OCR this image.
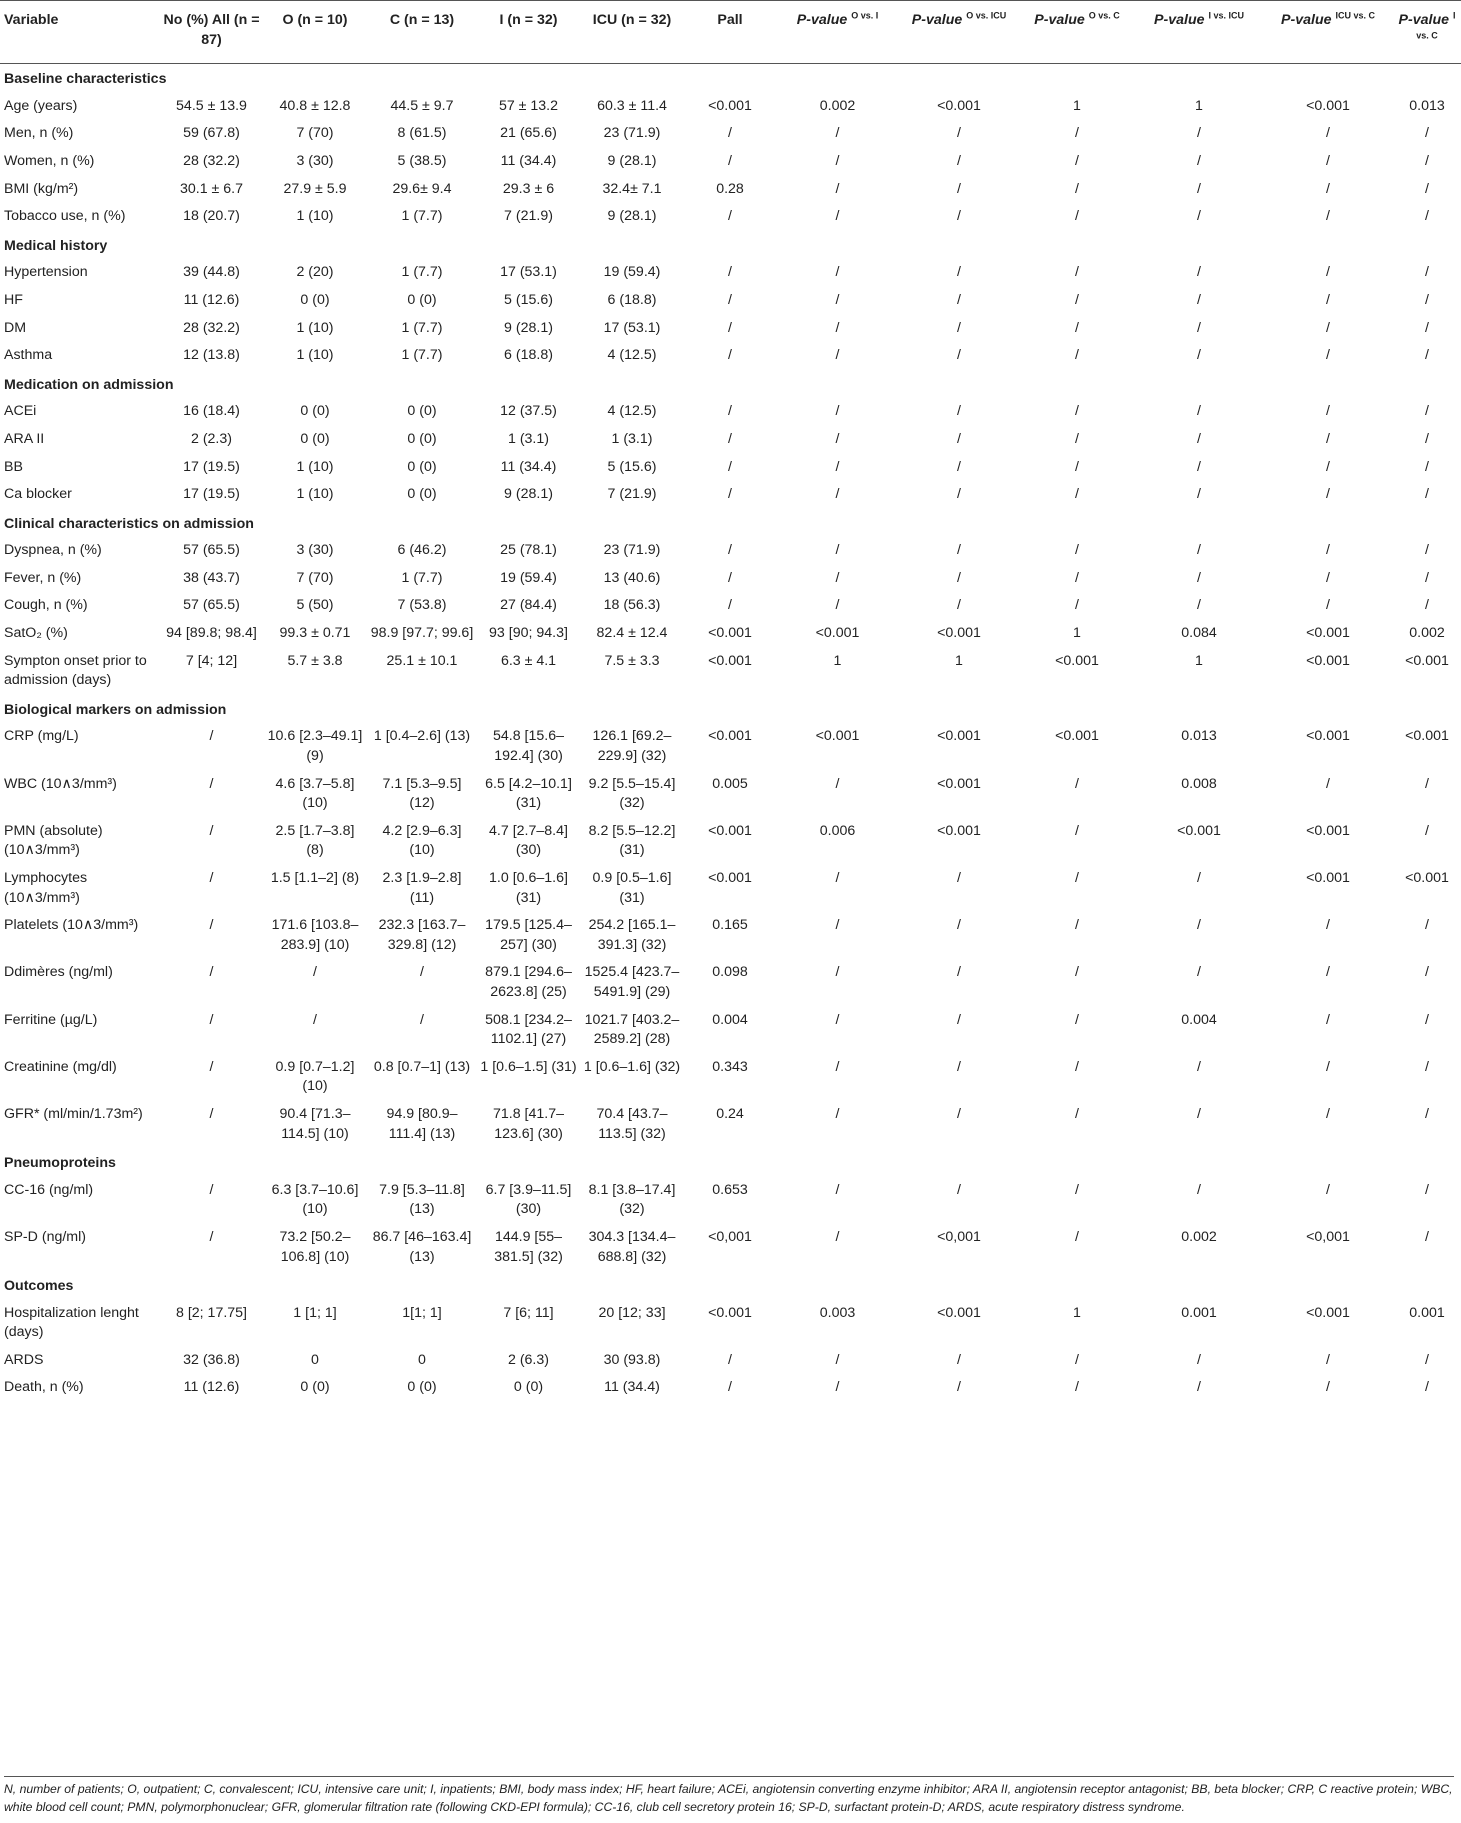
Variable	No (%) All (n = 87)	O (n = 10)	C (n = 13)	I (n = 32)	ICU (n = 32)	Pall	P-value $^{O vs. I}$	P-value $^{O vs. ICU}$	P-value $^{O vs. C}$	P-value $^{I vs. ICU}$	P-value $^{ICU vs. C}$	P-value $^{I vs. C}$
Baseline characteristics												
Age (years)	54.5 ± 13.9	40.8 ± 12.8	44.5 ± 9.7	57 ± 13.2	60.3 ± 11.4	<0.001	0.002	<0.001	1	1	<0.001	0.013
Men, n (%)	59 (67.8)	7 (70)	8 (61.5)	21 (65.6)	23 (71.9)	/	/	/	/	/	/	/
Women, n (%)	28 (32.2)	3 (30)	5 (38.5)	11 (34.4)	9 (28.1)	/	/	/	/	/	/	/
BMI (kg/m²)	30.1 ± 6.7	27.9 ± 5.9	29.6± 9.4	29.3 ± 6	32.4± 7.1	0.28	/	/	/	/	/	/
Tobacco use, n (%)	18 (20.7)	1 (10)	1 (7.7)	7 (21.9)	9 (28.1)	/	/	/	/	/	/	/
Medical history												
Hypertension	39 (44.8)	2 (20)	1 (7.7)	17 (53.1)	19 (59.4)	/	/	/	/	/	/	/
HF	11 (12.6)	0 (0)	0 (0)	5 (15.6)	6 (18.8)	/	/	/	/	/	/	/
DM	28 (32.2)	1 (10)	1 (7.7)	9 (28.1)	17 (53.1)	/	/	/	/	/	/	/
Asthma	12 (13.8)	1 (10)	1 (7.7)	6 (18.8)	4 (12.5)	/	/	/	/	/	/	/
Medication on admission												
ACEi	16 (18.4)	0 (0)	0 (0)	12 (37.5)	4 (12.5)	/	/	/	/	/	/	/
ARA II	2 (2.3)	0 (0)	0 (0)	1 (3.1)	1 (3.1)	/	/	/	/	/	/	/
BB	17 (19.5)	1 (10)	0 (0)	11 (34.4)	5 (15.6)	/	/	/	/	/	/	/
Ca blocker	17 (19.5)	1 (10)	0 (0)	9 (28.1)	7 (21.9)	/	/	/	/	/	/	/
Clinical characteristics on admission												
Dyspnea, n (%)	57 (65.5)	3 (30)	6 (46.2)	25 (78.1)	23 (71.9)	/	/	/	/	/	/	/
Fever, n (%)	38 (43.7)	7 (70)	1 (7.7)	19 (59.4)	13 (40.6)	/	/	/	/	/	/	/
Cough, n (%)	57 (65.5)	5 (50)	7 (53.8)	27 (84.4)	18 (56.3)	/	/	/	/	/	/	/
SatO₂ (%)	94 [89.8; 98.4]	99.3 ± 0.71	98.9 [97.7; 99.6]	93 [90; 94.3]	82.4 ± 12.4	<0.001	<0.001	<0.001	1	0.084	<0.001	0.002
Sympton onset prior to admission (days)	7 [4; 12]	5.7 ± 3.8	25.1 ± 10.1	6.3 ± 4.1	7.5 ± 3.3	<0.001	1	1	<0.001	1	<0.001	<0.001
Biological markers on admission												
CRP (mg/L)	/	10.6 [2.3–49.1] (9)	1 [0.4–2.6] (13)	54.8 [15.6–192.4] (30)	126.1 [69.2–229.9] (32)	<0.001	<0.001	<0.001	<0.001	0.013	<0.001	<0.001
WBC (10∧3/mm³)	/	4.6 [3.7–5.8] (10)	7.1 [5.3–9.5] (12)	6.5 [4.2–10.1] (31)	9.2 [5.5–15.4] (32)	0.005	/	<0.001	/	0.008	/	/
PMN (absolute) (10∧3/mm³)	/	2.5 [1.7–3.8] (8)	4.2 [2.9–6.3] (10)	4.7 [2.7–8.4] (30)	8.2 [5.5–12.2] (31)	<0.001	0.006	<0.001	/	<0.001	<0.001	/
Lymphocytes (10∧3/mm³)	/	1.5 [1.1–2] (8)	2.3 [1.9–2.8] (11)	1.0 [0.6–1.6] (31)	0.9 [0.5–1.6] (31)	<0.001	/	/	/	/	<0.001	<0.001
Platelets (10∧3/mm³)	/	171.6 [103.8–283.9] (10)	232.3 [163.7–329.8] (12)	179.5 [125.4–257] (30)	254.2 [165.1–391.3] (32)	0.165	/	/	/	/	/	/
Ddimères (ng/ml)	/	/	/	879.1 [294.6–2623.8] (25)	1525.4 [423.7–5491.9] (29)	0.098	/	/	/	/	/	/
Ferritine (µg/L)	/	/	/	508.1 [234.2–1102.1] (27)	1021.7 [403.2–2589.2] (28)	0.004	/	/	/	0.004	/	/
Creatinine (mg/dl)	/	0.9 [0.7–1.2] (10)	0.8 [0.7–1] (13)	1 [0.6–1.5] (31)	1 [0.6–1.6] (32)	0.343	/	/	/	/	/	/
GFR* (ml/min/1.73m²)	/	90.4 [71.3–114.5] (10)	94.9 [80.9–111.4] (13)	71.8 [41.7–123.6] (30)	70.4 [43.7–113.5] (32)	0.24	/	/	/	/	/	/
Pneumoproteins												
CC-16 (ng/ml)	/	6.3 [3.7–10.6] (10)	7.9 [5.3–11.8] (13)	6.7 [3.9–11.5](30)	8.1 [3.8–17.4] (32)	0.653	/	/	/	/	/	/
SP-D (ng/ml)	/	73.2 [50.2–106.8] (10)	86.7 [46–163.4] (13)	144.9 [55–381.5] (32)	304.3 [134.4–688.8] (32)	<0,001	/	<0,001	/	0.002	<0,001	/
Outcomes												
Hospitalization lenght (days)	8 [2; 17.75]	1 [1; 1]	1[1; 1]	7 [6; 11]	20 [12; 33]	<0.001	0.003	<0.001	1	0.001	<0.001	0.001
ARDS	32 (36.8)	0	0	2 (6.3)	30 (93.8)	/	/	/	/	/	/	/
Death, n (%)	11 (12.6)	0 (0)	0 (0)	0 (0)	11 (34.4)	/	/	/	/	/	/	/
N, number of patients; O, outpatient; C, convalescent; ICU, intensive care unit; I, inpatients; BMI, body mass index; HF, heart failure; ACEi, angiotensin converting enzyme inhibitor; ARA II, angiotensin receptor antagonist; BB, beta blocker; CRP, C reactive protein; WBC, white blood cell count; PMN, polymorphonuclear; GFR, glomerular filtration rate (following CKD-EPI formula); CC-16, club cell secretory protein 16; SP-D, surfactant protein-D; ARDS, acute respiratory distress syndrome.
